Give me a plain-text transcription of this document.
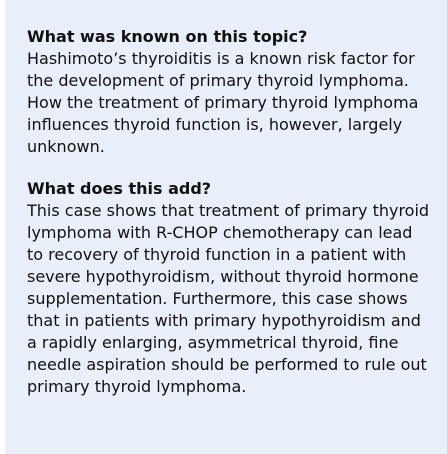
What was known on this topic?

Hashimoto’s thyroiditis is a known risk factor for the development of primary thyroid lymphoma. How the treatment of primary thyroid lymphoma influences thyroid function is, however, largely unknown.

What does this add?

This case shows that treatment of primary thyroid lymphoma with R-CHOP chemotherapy can lead to recovery of thyroid function in a patient with severe hypothyroidism, without thyroid hormone supplementation. Furthermore, this case shows that in patients with primary hypothyroidism and a rapidly enlarging, asymmetrical thyroid, fine needle aspiration should be performed to rule out primary thyroid lymphoma.
